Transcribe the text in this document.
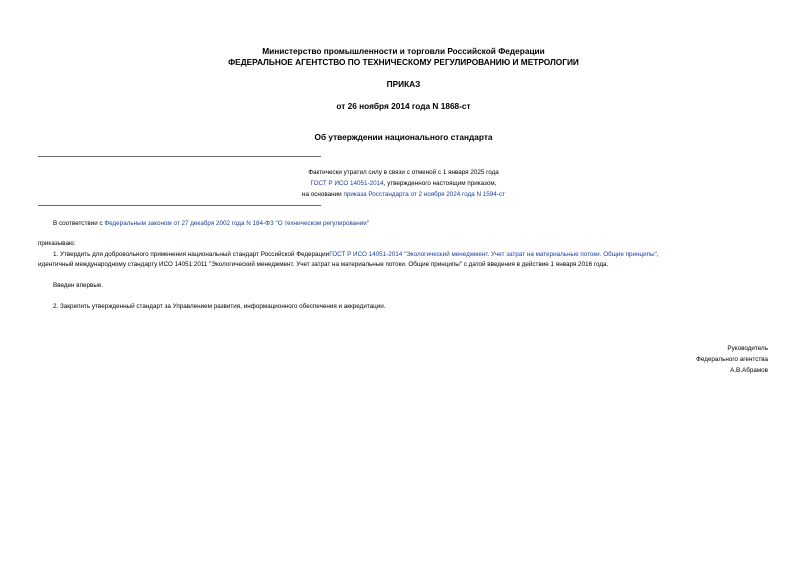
Министерство промышленности и торговли Российской Федерации
ФЕДЕРАЛЬНОЕ АГЕНТСТВО ПО ТЕХНИЧЕСКОМУ РЕГУЛИРОВАНИЮ И МЕТРОЛОГИИ
ПРИКАЗ
от 26 ноября 2014 года N 1868-ст
Об утверждении национального стандарта
Фактически утратил силу в связи с отменой с 1 января 2025 года
ГОСТ Р ИСО 14051-2014, утвержденного настоящим приказом,
на основании приказа Росстандарта от 2 ноября 2024 года N 1594-ст
В соответствии с Федеральным законом от 27 декабря 2002 года N 184-ФЗ "О техническом регулировании"
приказываю:
1. Утвердить для добровольного применения национальный стандарт Российской ФедерацииГОСТ Р ИСО 14051-2014 "Экологический менеджмент. Учет затрат на материальные потоки. Общие принципы",
идентичный международному стандарту ИСО 14051:2011 "Экологический менеджмент. Учет затрат на материальные потоки. Общие принципы" с датой введения в действие 1 января 2016 года.
Введен впервые.
2. Закрепить утвержденный стандарт за Управлением развития, информационного обеспечения и аккредитации.
Руководитель
Федерального агентства
А.В.Абрамов
